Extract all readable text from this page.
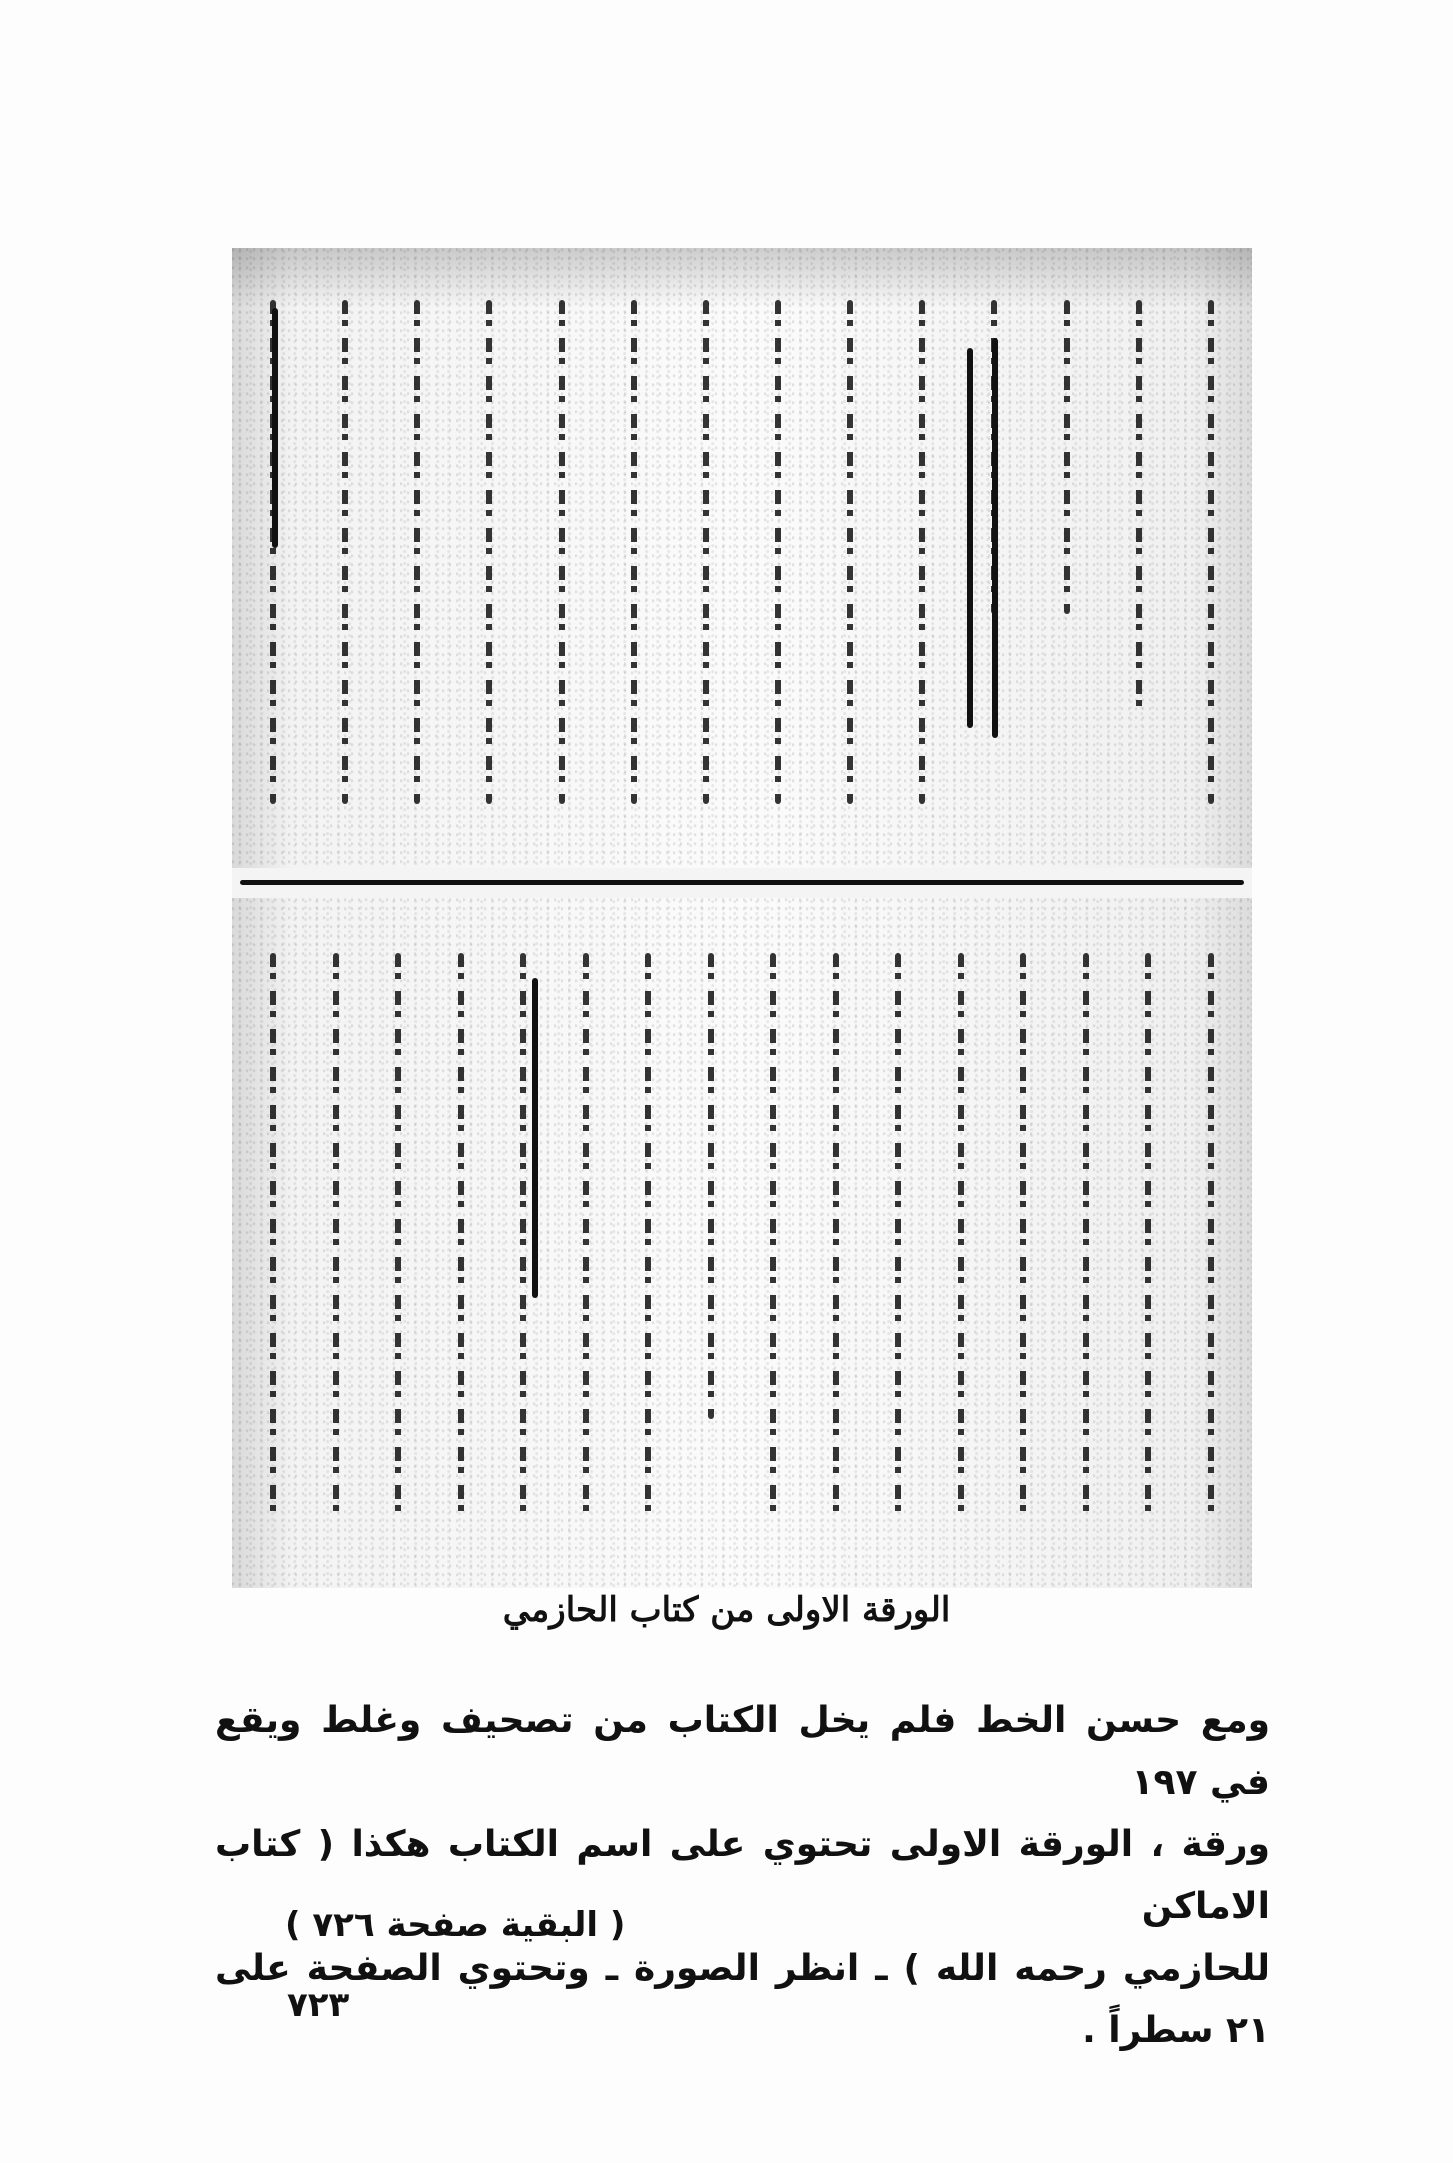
الورقة الاولى من كتاب الحازمي

ومع حسن الخط فلم يخل الكتاب من تصحيف وغلط ويقع في ١٩٧

ورقة ، الورقة الاولى تحتوي على اسم الكتاب هكذا ( كتاب الاماكن

للحازمي رحمه الله ) ـ انظر الصورة ـ وتحتوي الصفحة على ٢١ سطراً .

( البقية صفحة ٧٢٦ )
٧٢٣
